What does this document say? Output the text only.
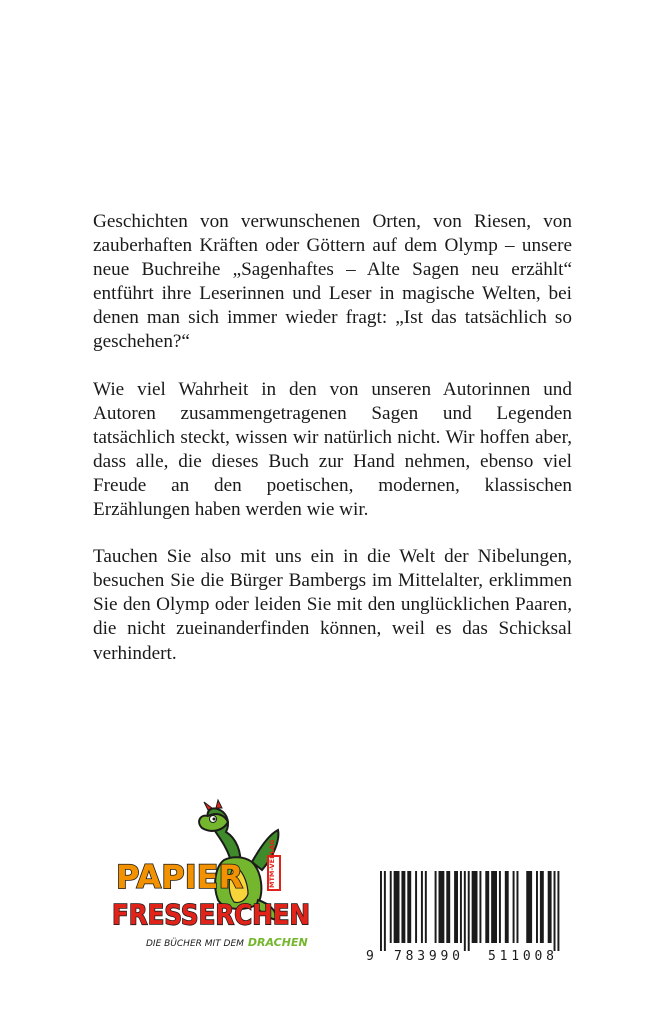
Geschichten von verwunschenen Orten, von Riesen, von zauberhaften Kräften oder Göttern auf dem Olymp – unsere neue Buchreihe „Sagenhaftes – Alte Sagen neu erzählt“ entführt ihre Leserinnen und Leser in magische Welten, bei denen man sich immer wieder fragt: „Ist das tatsächlich so geschehen?“

Wie viel Wahrheit in den von unseren Autorinnen und Autoren zusammengetragenen Sagen und Legenden tatsächlich steckt, wissen wir natürlich nicht. Wir hoffen aber, dass alle, die dieses Buch zur Hand nehmen, ebenso viel Freude an den poetischen, modernen, klassischen Erzählungen haben werden wie wir.

Tauchen Sie also mit uns ein in die Welt der Nibelungen, besuchen Sie die Bürger Bambergs im Mittelalter, erklimmen Sie den Olymp oder leiden Sie mit den unglücklichen Paaren, die nicht zueinanderfinden können, weil es das Schicksal verhindert.

MTM-VERLAG
PAPIER
FRESSERCHEN
DIE BÜCHER MIT DEM DRACHEN
9 783990 511008
